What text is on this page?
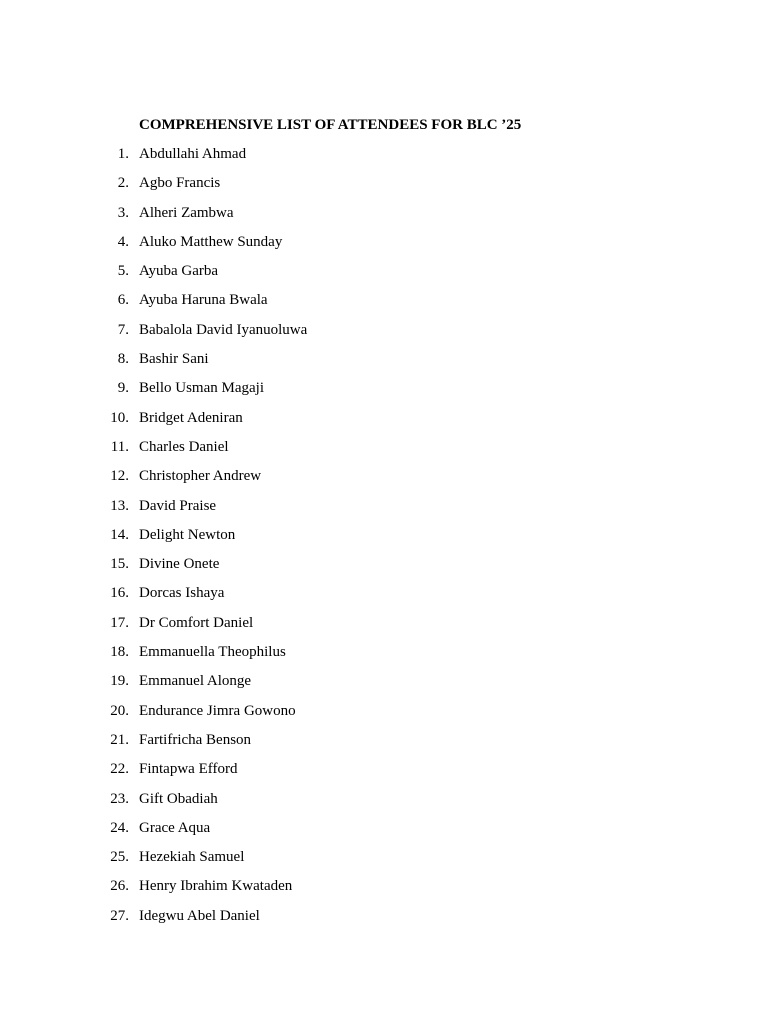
COMPREHENSIVE LIST OF ATTENDEES FOR BLC ’25
1. Abdullahi Ahmad
2. Agbo Francis
3. Alheri Zambwa
4. Aluko Matthew Sunday
5. Ayuba Garba
6. Ayuba Haruna Bwala
7. Babalola David Iyanuoluwa
8. Bashir Sani
9. Bello Usman Magaji
10. Bridget Adeniran
11. Charles Daniel
12. Christopher Andrew
13. David Praise
14. Delight Newton
15. Divine Onete
16. Dorcas Ishaya
17. Dr Comfort Daniel
18. Emmanuella Theophilus
19. Emmanuel Alonge
20. Endurance Jimra Gowono
21. Fartifricha Benson
22. Fintapwa Efford
23. Gift Obadiah
24. Grace Aqua
25. Hezekiah Samuel
26. Henry Ibrahim Kwataden
27. Idegwu Abel Daniel
